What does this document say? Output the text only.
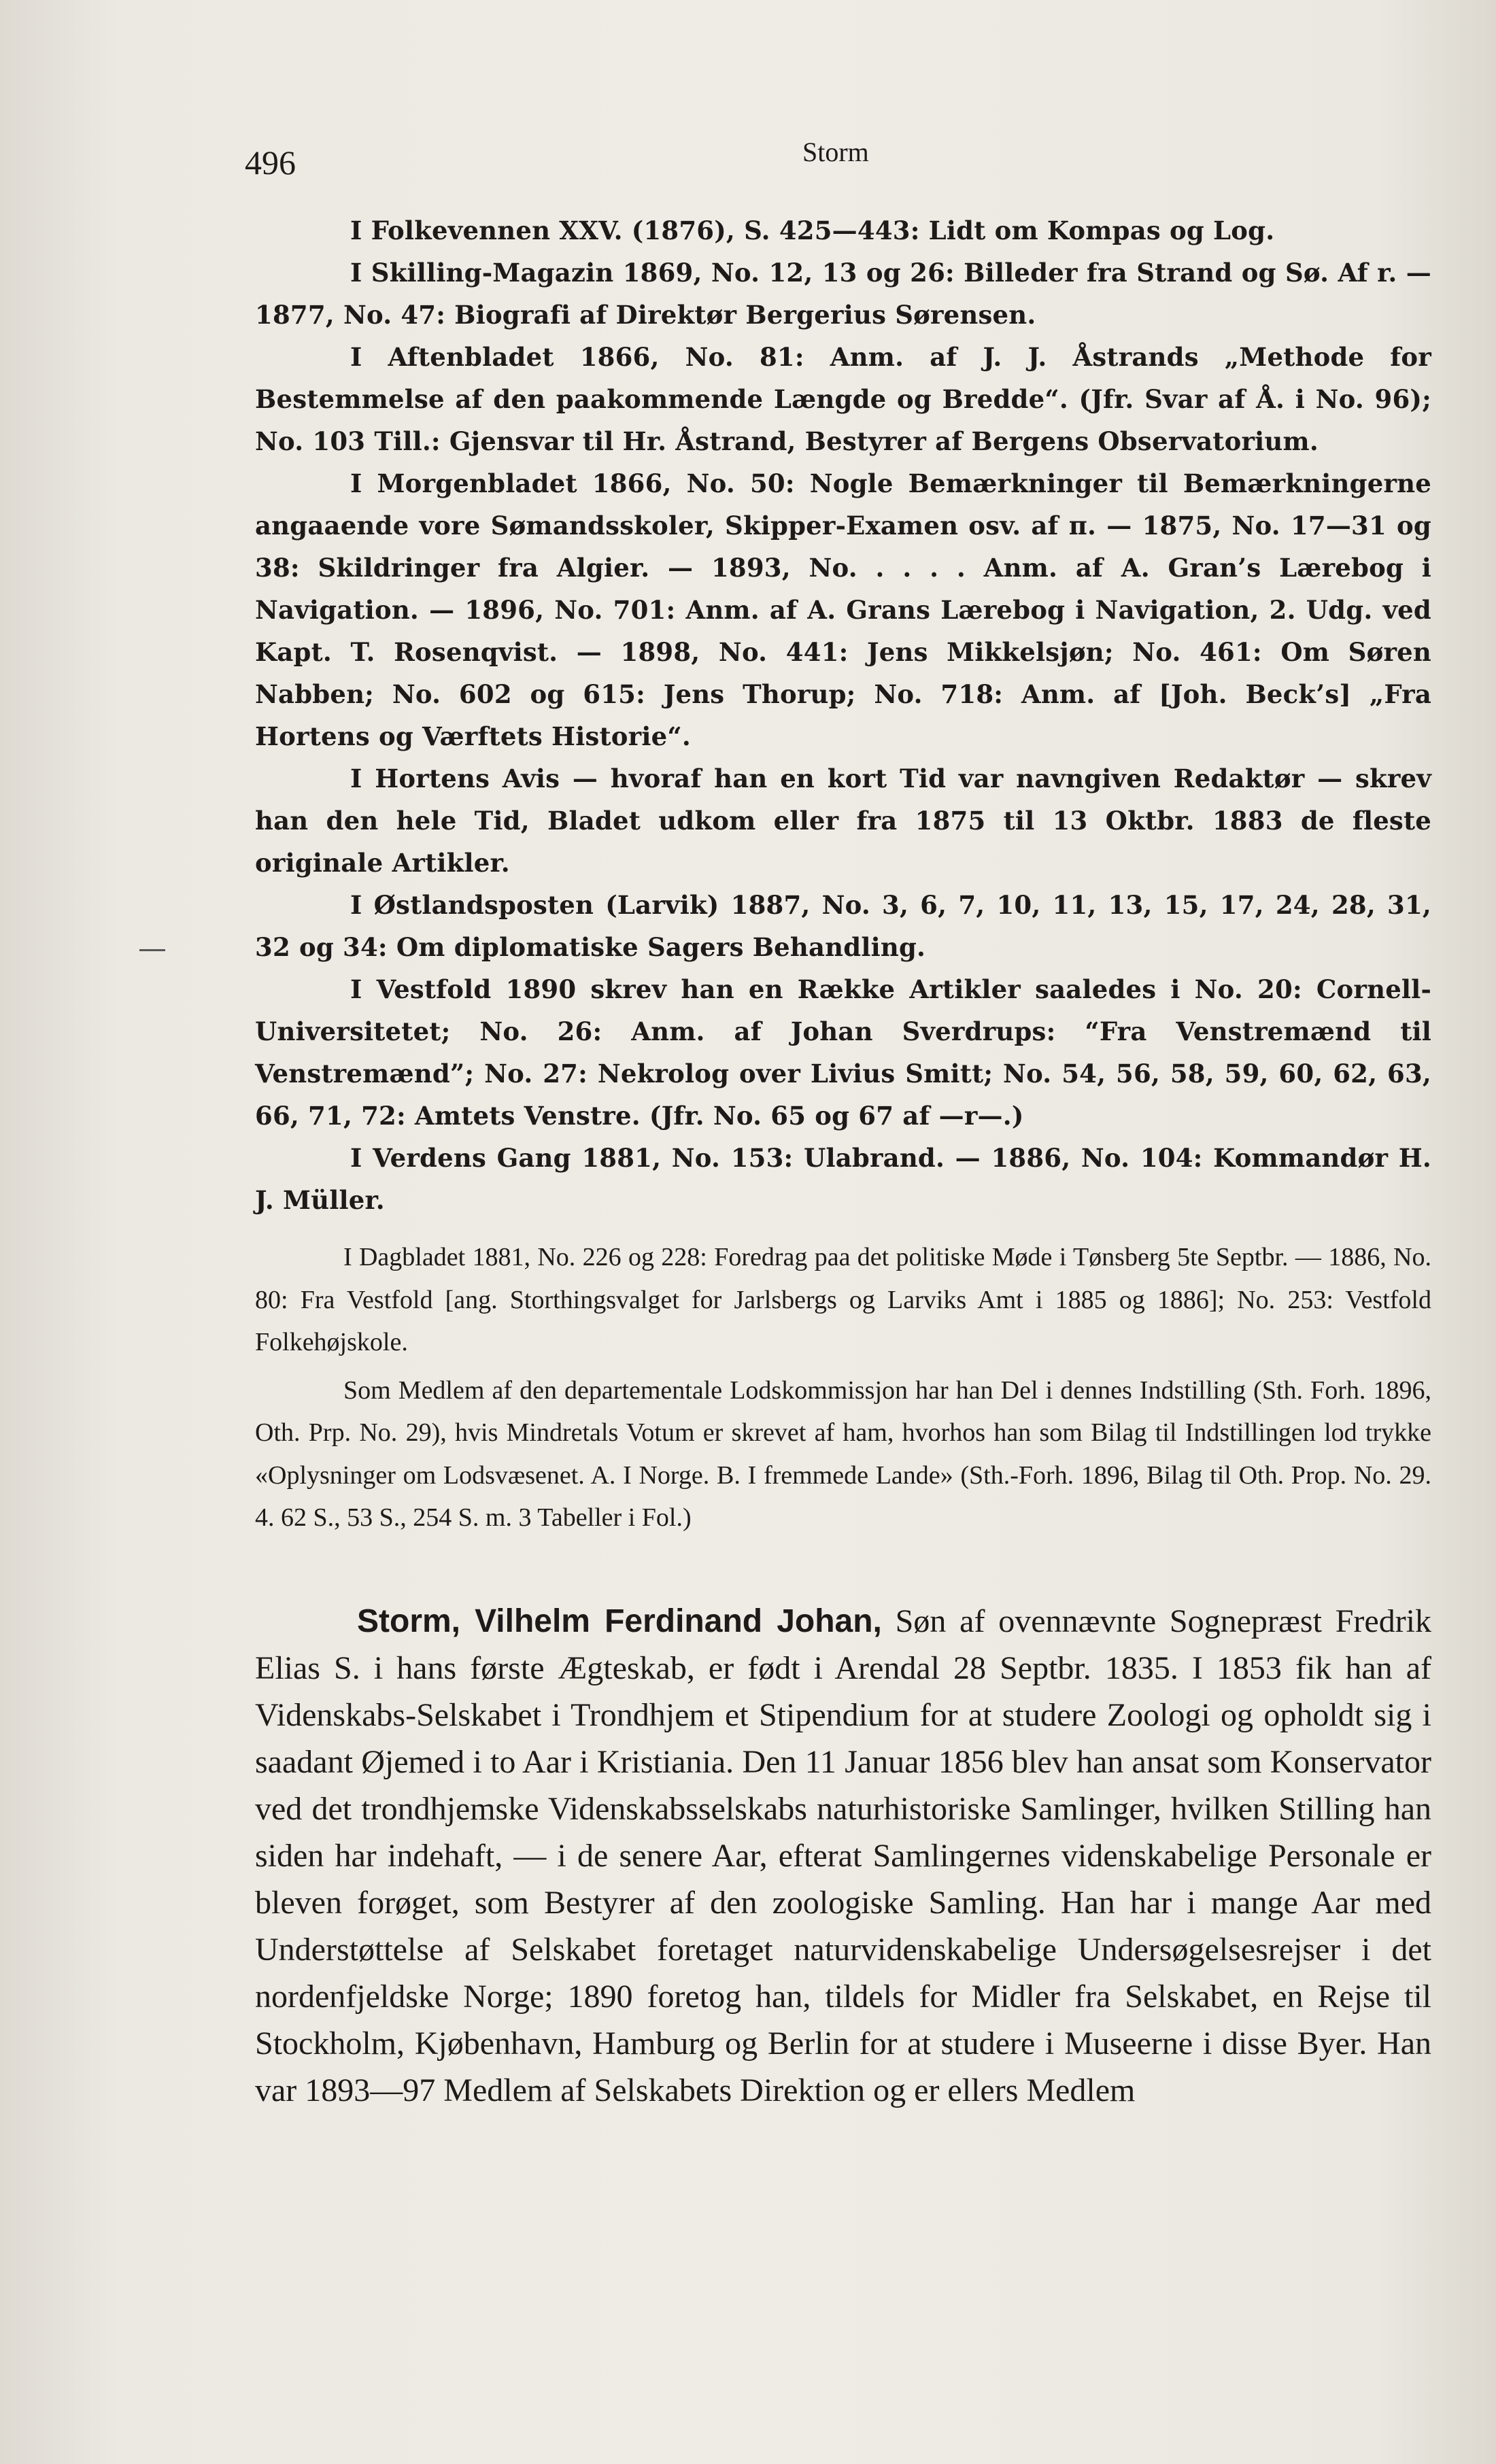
496	Storm

I Folkevennen XXV. (1876), S. 425—443: Lidt om Kompas og Log.

I Skilling-Magazin 1869, No. 12, 13 og 26: Billeder fra Strand og Sø. Af r. — 1877, No. 47: Biografi af Direktør Bergerius Sørensen.

I Aftenbladet 1866, No. 81: Anm. af J. J. Åstrands „Methode for Bestemmelse af den paakommende Længde og Bredde“. (Jfr. Svar af Å. i No. 96); No. 103 Till.: Gjensvar til Hr. Åstrand, Bestyrer af Bergens Observatorium.

I Morgenbladet 1866, No. 50: Nogle Bemærkninger til Bemærkningerne angaaende vore Sømandsskoler, Skipper-Examen osv. af π. — 1875, No. 17—31 og 38: Skildringer fra Algier. — 1893, No. . . . . Anm. af A. Gran’s Lærebog i Navigation. — 1896, No. 701: Anm. af A. Grans Lærebog i Navigation, 2. Udg. ved Kapt. T. Rosenqvist. — 1898, No. 441: Jens Mikkelsjøn; No. 461: Om Søren Nabben; No. 602 og 615: Jens Thorup; No. 718: Anm. af [Joh. Beck’s] „Fra Hortens og Værftets Historie“.

I Hortens Avis — hvoraf han en kort Tid var navngiven Redaktør — skrev han den hele Tid, Bladet udkom eller fra 1875 til 13 Oktbr. 1883 de fleste originale Artikler.

I Østlandsposten (Larvik) 1887, No. 3, 6, 7, 10, 11, 13, 15, 17, 24, 28, 31, 32 og 34: Om diplomatiske Sagers Behandling.

I Vestfold 1890 skrev han en Række Artikler saaledes i No. 20: Cornell-Universitetet; No. 26: Anm. af Johan Sverdrups: “Fra Venstremænd til Venstremænd”; No. 27: Nekrolog over Livius Smitt; No. 54, 56, 58, 59, 60, 62, 63, 66, 71, 72: Amtets Venstre. (Jfr. No. 65 og 67 af —r—.)

I Verdens Gang 1881, No. 153: Ulabrand. — 1886, No. 104: Kommandør H. J. Müller.

I Dagbladet 1881, No. 226 og 228: Foredrag paa det politiske Møde i Tønsberg 5te Septbr. — 1886, No. 80: Fra Vestfold [ang. Storthingsvalget for Jarlsbergs og Larviks Amt i 1885 og 1886]; No. 253: Vestfold Folkehøjskole.

Som Medlem af den departementale Lodskommissjon har han Del i dennes Indstilling (Sth. Forh. 1896, Oth. Prp. No. 29), hvis Mindretals Votum er skrevet af ham, hvorhos han som Bilag til Indstillingen lod trykke «Oplysninger om Lodsvæsenet. A. I Norge. B. I fremmede Lande» (Sth.-Forh. 1896, Bilag til Oth. Prop. No. 29. 4. 62 S., 53 S., 254 S. m. 3 Tabeller i Fol.)

Storm, Vilhelm Ferdinand Johan, Søn af ovennævnte Sognepræst Fredrik Elias S. i hans første Ægteskab, er født i Arendal 28 Septbr. 1835. I 1853 fik han af Videnskabs-Selskabet i Trondhjem et Stipendium for at studere Zoologi og opholdt sig i saadant Øjemed i to Aar i Kristiania. Den 11 Januar 1856 blev han ansat som Konservator ved det trondhjemske Videnskabsselskabs naturhistoriske Samlinger, hvilken Stilling han siden har indehaft, — i de senere Aar, efterat Samlingernes videnskabelige Personale er bleven forøget, som Bestyrer af den zoologiske Samling. Han har i mange Aar med Understøttelse af Selskabet foretaget naturvidenskabelige Undersøgelsesrejser i det nordenfjeldske Norge; 1890 foretog han, tildels for Midler fra Selskabet, en Rejse til Stockholm, Kjøbenhavn, Hamburg og Berlin for at studere i Museerne i disse Byer. Han var 1893—97 Medlem af Selskabets Direktion og er ellers Medlem
